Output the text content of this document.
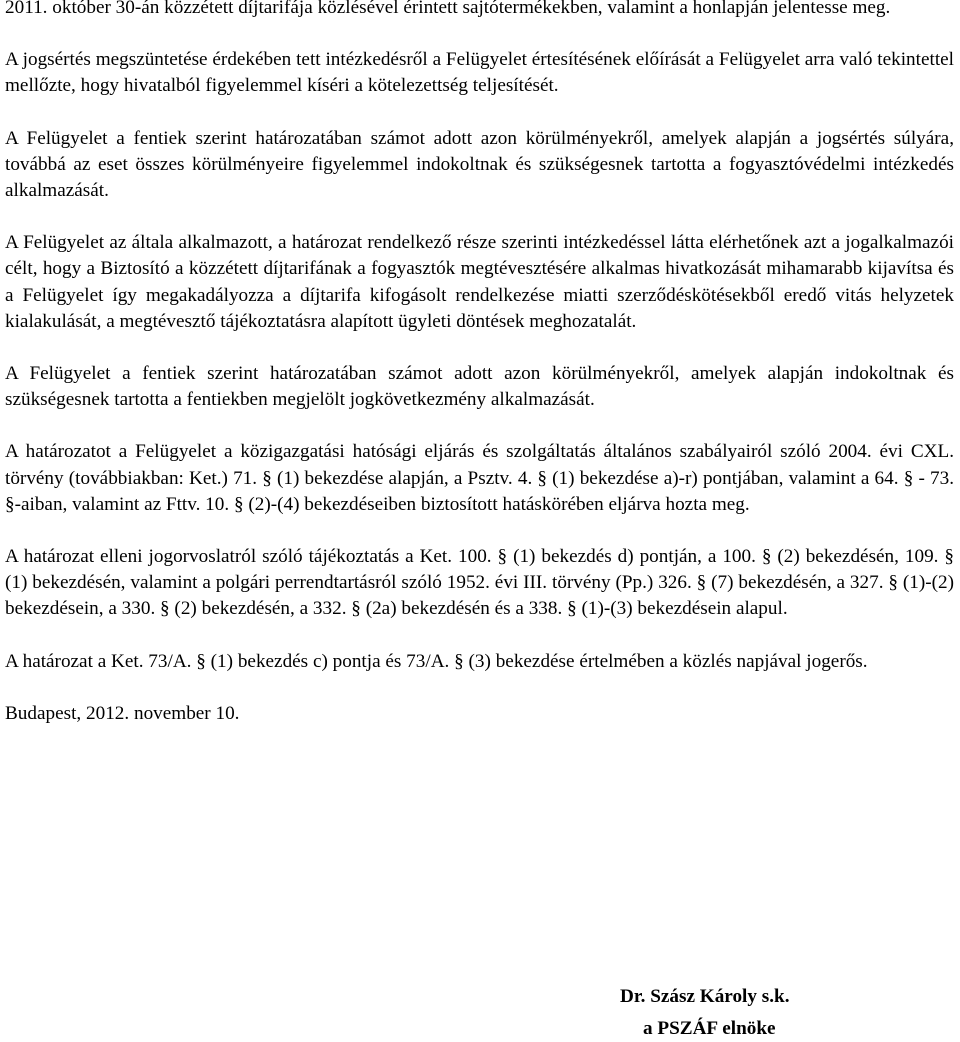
2011. október 30-án közzétett díjtarifája közlésével érintett sajtótermékekben, valamint a honlapján jelentesse meg.

A jogsértés megszüntetése érdekében tett intézkedésről a Felügyelet értesítésének előírását a Felügyelet arra való tekintettel mellőzte, hogy hivatalból figyelemmel kíséri a kötelezettség teljesítését.

A Felügyelet a fentiek szerint határozatában számot adott azon körülményekről, amelyek alapján a jogsértés súlyára, továbbá az eset összes körülményeire figyelemmel indokoltnak és szükségesnek tartotta a fogyasztóvédelmi intézkedés alkalmazását.

A Felügyelet az általa alkalmazott, a határozat rendelkező része szerinti intézkedéssel látta elérhetőnek azt a jogalkalmazói célt, hogy a Biztosító a közzétett díjtarifának a fogyasztók megtévesztésére alkalmas hivatkozását mihamarabb kijavítsa és a Felügyelet így megakadályozza a díjtarifa kifogásolt rendelkezése miatti szerződéskötésekből eredő vitás helyzetek kialakulását, a megtévesztő tájékoztatásra alapított ügyleti döntések meghozatalát.

A Felügyelet a fentiek szerint határozatában számot adott azon körülményekről, amelyek alapján indokoltnak és szükségesnek tartotta a fentiekben megjelölt jogkövetkezmény alkalmazását.

A határozatot a Felügyelet a közigazgatási hatósági eljárás és szolgáltatás általános szabályairól szóló 2004. évi CXL. törvény (továbbiakban: Ket.) 71. § (1) bekezdése alapján, a Psztv. 4. § (1) bekezdése a)-r) pontjában, valamint a 64. § - 73. §-aiban, valamint az Fttv. 10. § (2)-(4) bekezdéseiben biztosított hatáskörében eljárva hozta meg.

A határozat elleni jogorvoslatról szóló tájékoztatás a Ket. 100. § (1) bekezdés d) pontján, a 100. § (2) bekezdésén, 109. § (1) bekezdésén, valamint a polgári perrendtartásról szóló 1952. évi III. törvény (Pp.) 326. § (7) bekezdésén, a 327. § (1)-(2) bekezdésein, a 330. § (2) bekezdésén, a 332. § (2a) bekezdésén és a 338. § (1)-(3) bekezdésein alapul.

A határozat a Ket. 73/A. § (1) bekezdés c) pontja és 73/A. § (3) bekezdése értelmében a közlés napjával jogerős.

Budapest, 2012. november 10.

Dr. Szász Károly s.k.
a PSZÁF elnöke
